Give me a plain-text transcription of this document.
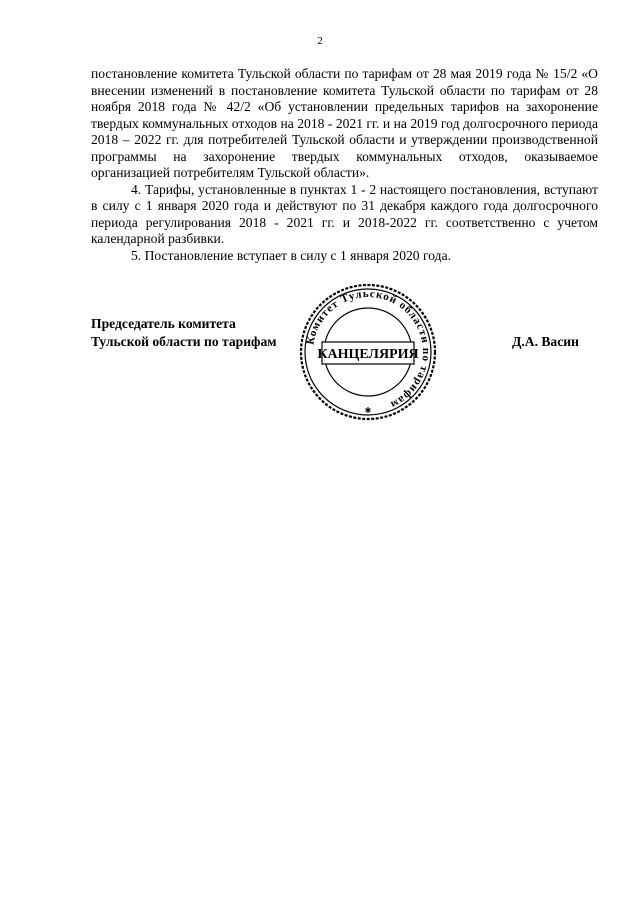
2

постановление комитета Тульской области по тарифам от 28 мая 2019 года № 15/2 «О внесении изменений в постановление комитета Тульской области по тарифам от 28 ноября 2018 года № 42/2 «Об установлении предельных тарифов на захоронение твердых коммунальных отходов на 2018 - 2021 гг. и на 2019 год долгосрочного периода 2018 – 2022 гг. для потребителей Тульской области и утверждении производственной программы на захоронение твердых коммунальных отходов, оказываемое организацией потребителям Тульской области».

4. Тарифы, установленные в пунктах 1 - 2 настоящего постановления, вступают в силу с 1 января 2020 года и действуют по 31 декабря каждого года долгосрочного периода регулирования 2018 - 2021 гг. и 2018-2022 гг. соответственно с учетом календарной разбивки.

5. Постановление вступает в силу с 1 января 2020 года.

Председатель комитета
Тульской области по тарифам	Д.А. Васин
Комитет Тульской области по тарифам
КАНЦЕЛЯРИЯ
✱
